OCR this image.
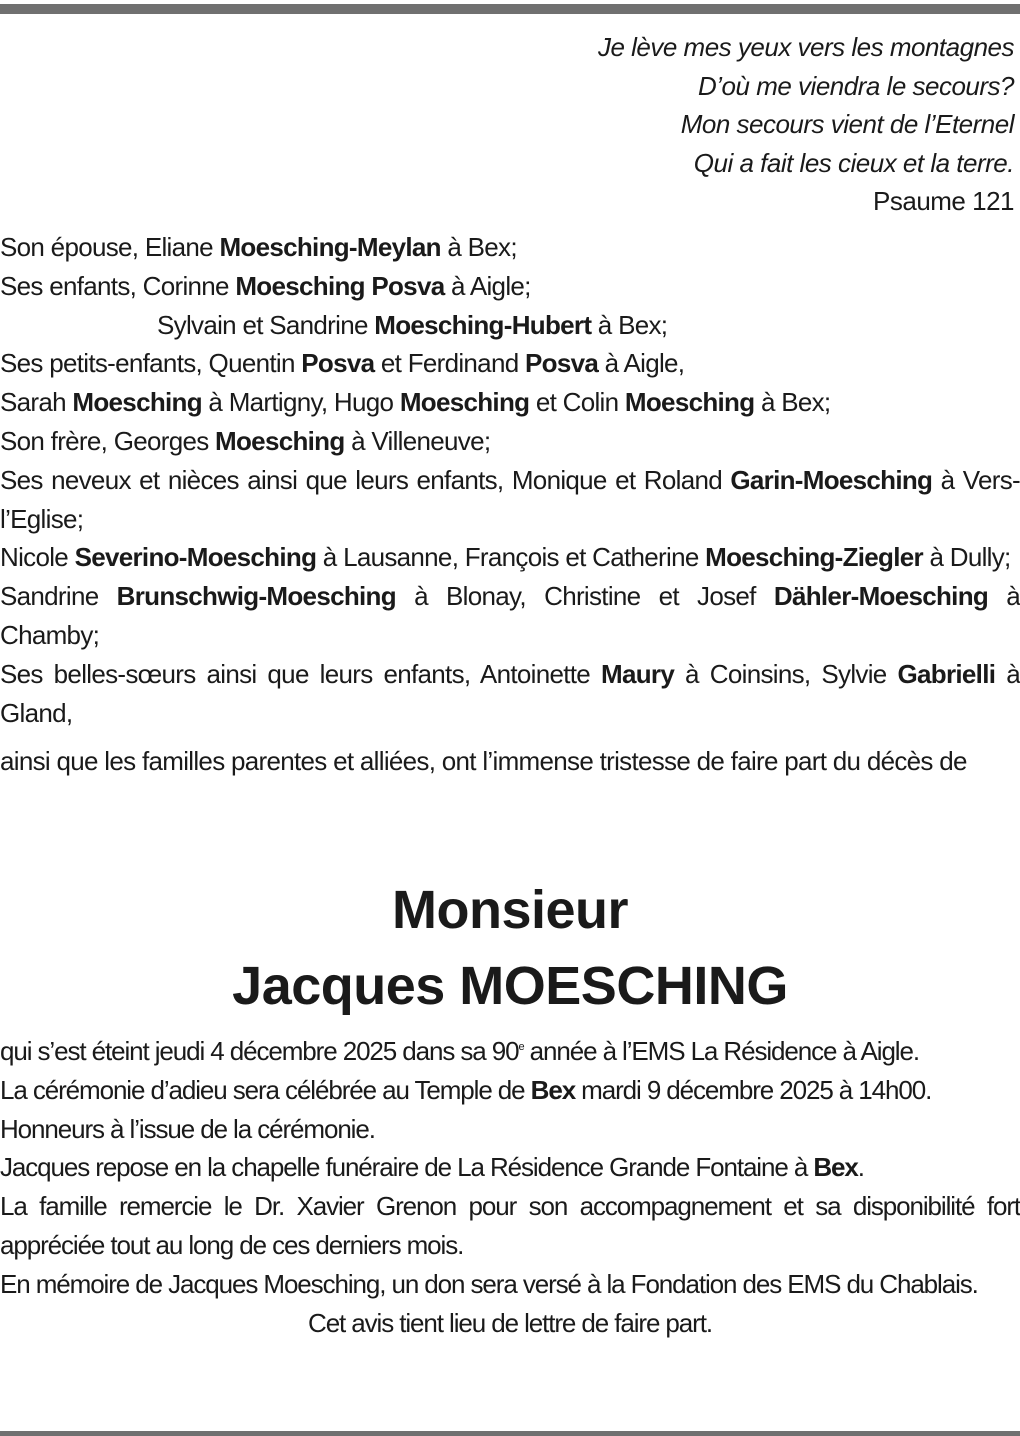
Je lève mes yeux vers les montagnes
D’où me viendra le secours?
Mon secours vient de l’Eternel
Qui a fait les cieux et la terre.
Psaume 121

Son épouse, Eliane Moesching-Meylan à Bex;

Ses enfants, Corinne Moesching Posva à Aigle;

Sylvain et Sandrine Moesching-Hubert à Bex;

Ses petits-enfants, Quentin Posva et Ferdinand Posva à Aigle,

Sarah Moesching à Martigny, Hugo Moesching et Colin Moesching à Bex;

Son frère, Georges Moesching à Villeneuve;

Ses neveux et nièces ainsi que leurs enfants, Monique et Roland Garin-Moesching à Vers-l’Eglise;

Nicole Severino-Moesching à Lausanne, François et Catherine Moesching-Ziegler à Dully;

Sandrine Brunschwig-Moesching à Blonay, Christine et Josef Dähler-Moesching à Chamby;

Ses belles-sœurs ainsi que leurs enfants, Antoinette Maury à Coinsins, Sylvie Gabrielli à Gland,

ainsi que les familles parentes et alliées, ont l’immense tristesse de faire part du décès de

Monsieur
Jacques MOESCHING

qui s’est éteint jeudi 4 décembre 2025 dans sa 90e année à l’EMS La Résidence à Aigle.

La cérémonie d’adieu sera célébrée au Temple de Bex mardi 9 décembre 2025 à 14h00.

Honneurs à l’issue de la cérémonie.

Jacques repose en la chapelle funéraire de La Résidence Grande Fontaine à Bex.

La famille remercie le Dr. Xavier Grenon pour son accompagnement et sa disponibilité fort appréciée tout au long de ces derniers mois.

En mémoire de Jacques Moesching, un don sera versé à la Fondation des EMS du Chablais.

Cet avis tient lieu de lettre de faire part.
